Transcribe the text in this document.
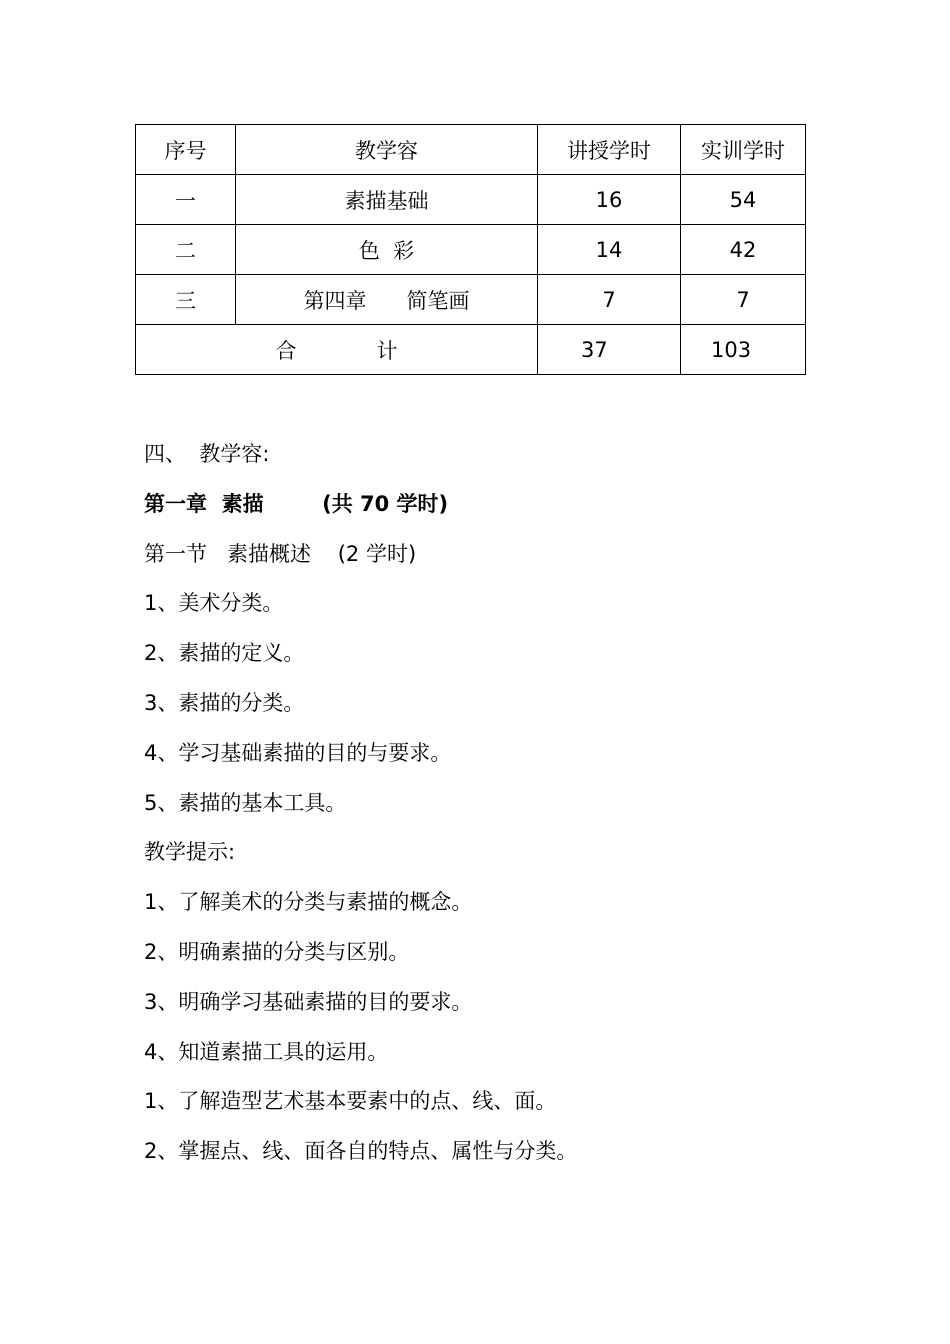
序号	教学容	讲授学时	实训学时
一	素描基础	16	54
二	色  彩	14	42
三	第四章      简笔画	7	7
合            计		37	103
四、  教学容:
第一章  素描        (共 70 学时)
第一节   素描概述    (2 学时)
1、美术分类。
2、素描的定义。
3、素描的分类。
4、学习基础素描的目的与要求。
5、素描的基本工具。
教学提示:
1、了解美术的分类与素描的概念。
2、明确素描的分类与区别。
3、明确学习基础素描的目的要求。
4、知道素描工具的运用。
1、了解造型艺术基本要素中的点、线、面。
2、掌握点、线、面各自的特点、属性与分类。
